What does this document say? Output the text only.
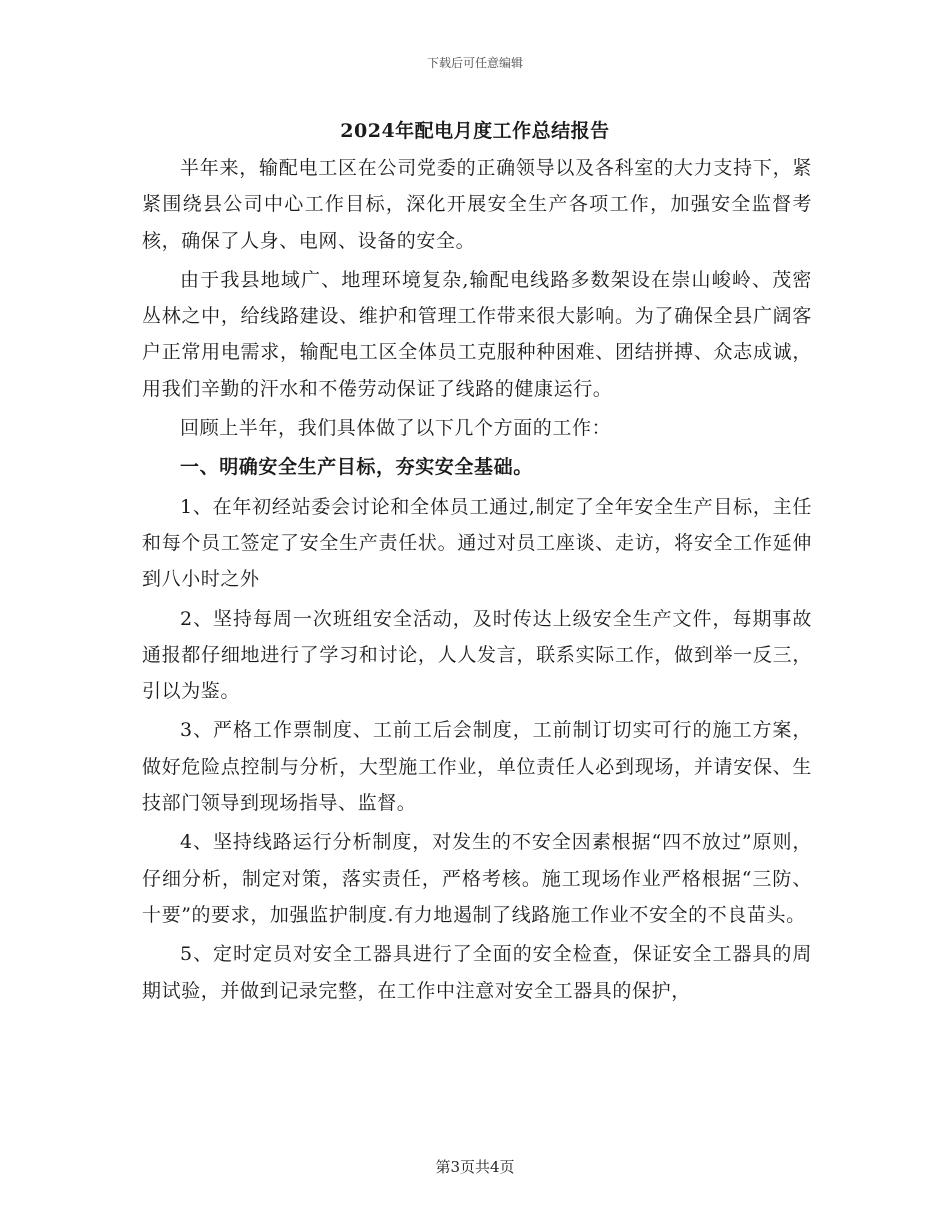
下载后可任意编辑
2024年配电月度工作总结报告

半年来，输配电工区在公司党委的正确领导以及各科室的大力支持下，紧紧围绕县公司中心工作目标，深化开展安全生产各项工作，加强安全监督考核，确保了人身、电网、设备的安全。

由于我县地域广、地理环境复杂,输配电线路多数架设在崇山峻岭、茂密丛林之中，给线路建设、维护和管理工作带来很大影响。为了确保全县广阔客户正常用电需求，输配电工区全体员工克服种种困难、团结拼搏、众志成诚，用我们辛勤的汗水和不倦劳动保证了线路的健康运行。

回顾上半年，我们具体做了以下几个方面的工作：

一、明确安全生产目标，夯实安全基础。

1、在年初经站委会讨论和全体员工通过,制定了全年安全生产目标，主任和每个员工签定了安全生产责任状。通过对员工座谈、走访，将安全工作延伸到八小时之外

2、坚持每周一次班组安全活动，及时传达上级安全生产文件，每期事故通报都仔细地进行了学习和讨论，人人发言，联系实际工作，做到举一反三，引以为鉴。

3、严格工作票制度、工前工后会制度，工前制订切实可行的施工方案，做好危险点控制与分析，大型施工作业，单位责任人必到现场，并请安保、生技部门领导到现场指导、监督。

4、坚持线路运行分析制度，对发生的不安全因素根据“四不放过”原则，仔细分析，制定对策，落实责任，严格考核。施工现场作业严格根据“三防、十要”的要求，加强监护制度.有力地遏制了线路施工作业不安全的不良苗头。

5、定时定员对安全工器具进行了全面的安全检查，保证安全工器具的周期试验，并做到记录完整，在工作中注意对安全工器具的保护，

第3页共4页
